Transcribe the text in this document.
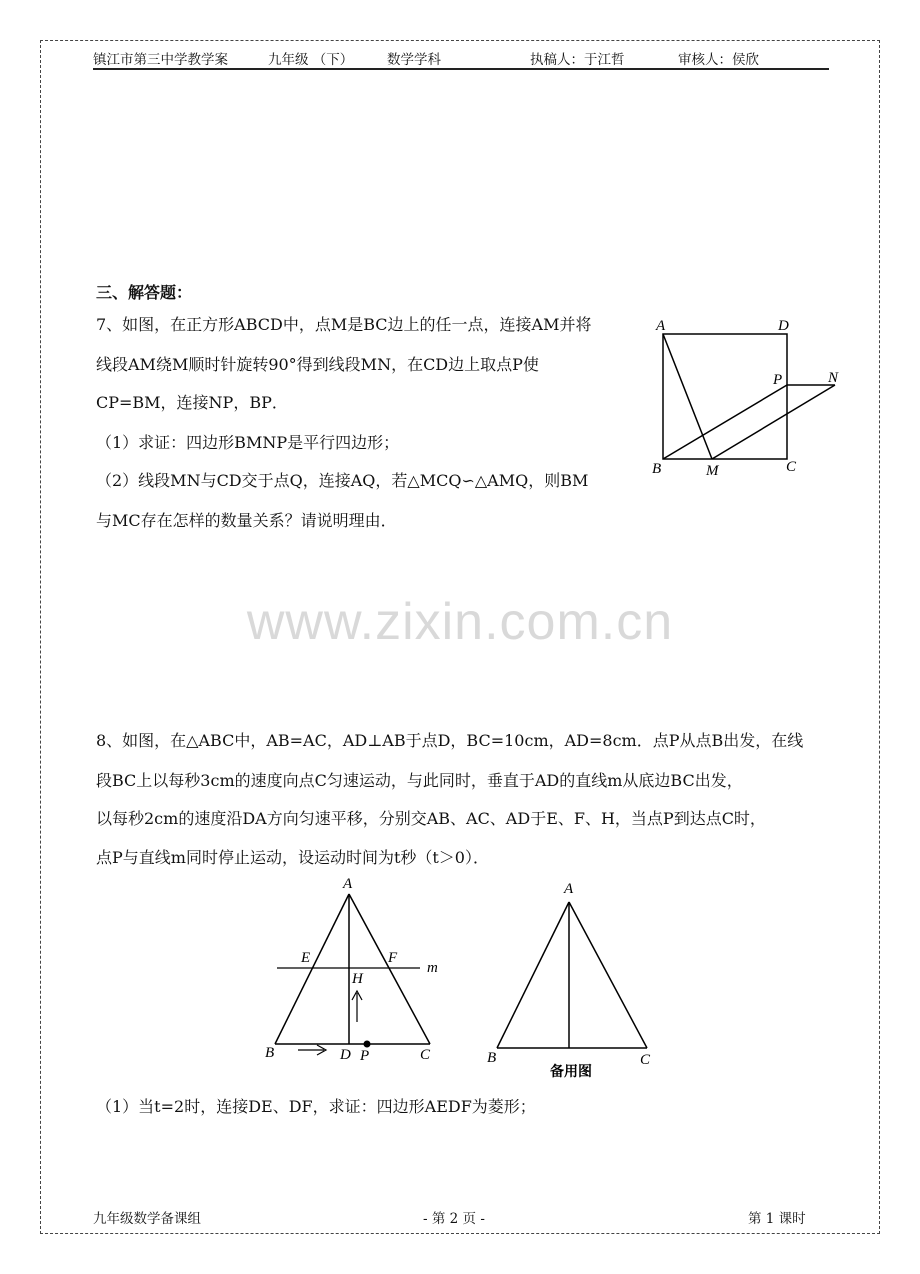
镇江市第三中学教学案	九年级 （下） 数学学科	执稿人：于江哲	审核人：侯欣
三、解答题：
7、如图，在正方形ABCD中，点M是BC边上的任一点，连接AM并将
线段AM绕M顺时针旋转90°得到线段MN，在CD边上取点P使
CP=BM，连接NP，BP．
（1）求证：四边形BMNP是平行四边形；
（2）线段MN与CD交于点Q，连接AQ，若△MCQ∽△AMQ，则BM
与MC存在怎样的数量关系？请说明理由．
A	D
P	N
B	M	C
www.zixin.com.cn
8、如图，在△ABC中，AB=AC，AD⊥AB于点D，BC=10cm，AD=8cm．点P从点B出发，在线
段BC上以每秒3cm的速度向点C匀速运动，与此同时，垂直于AD的直线m从底边BC出发，
以每秒2cm的速度沿DA方向匀速平移，分别交AB、AC、AD于E、F、H，当点P到达点C时，
点P与直线m同时停止运动，设运动时间为t秒（t＞0）．
A
E	F
m
H
B	D P	C
A
B	C
备用图
（1）当t=2时，连接DE、DF，求证：四边形AEDF为菱形；
九年级数学备课组	- 第 2 页 -	第 1 课时
